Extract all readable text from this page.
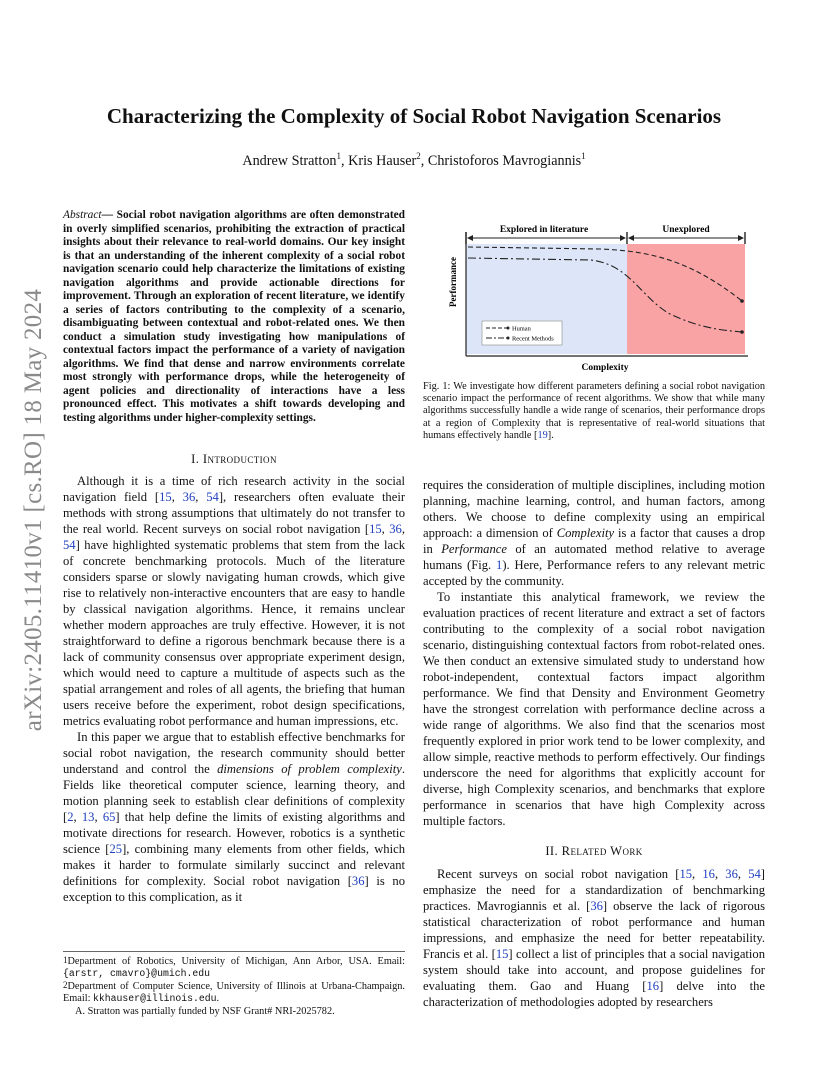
arXiv:2405.11410v1 [cs.RO] 18 May 2024
Characterizing the Complexity of Social Robot Navigation Scenarios
Andrew Stratton$^1$, Kris Hauser$^2$, Christoforos Mavrogiannis$^1$
Abstract— Social robot navigation algorithms are often demonstrated in overly simplified scenarios, prohibiting the extraction of practical insights about their relevance to real-world domains. Our key insight is that an understanding of the inherent complexity of a social robot navigation scenario could help characterize the limitations of existing navigation algorithms and provide actionable directions for improvement. Through an exploration of recent literature, we identify a series of factors contributing to the complexity of a scenario, disambiguating between contextual and robot-related ones. We then conduct a simulation study investigating how manipulations of contextual factors impact the performance of a variety of navigation algorithms. We find that dense and narrow environments correlate most strongly with performance drops, while the heterogeneity of agent policies and directionality of interactions have a less pronounced effect. This motivates a shift towards developing and testing algorithms under higher-complexity settings.
I. Introduction

Although it is a time of rich research activity in the social navigation field [15, 36, 54], researchers often evaluate their methods with strong assumptions that ultimately do not transfer to the real world. Recent surveys on social robot navigation [15, 36, 54] have highlighted systematic problems that stem from the lack of concrete benchmarking protocols. Much of the literature considers sparse or slowly navigating human crowds, which give rise to relatively non-interactive encounters that are easy to handle by classical navigation algorithms. Hence, it remains unclear whether modern approaches are truly effective. However, it is not straightforward to define a rigorous benchmark because there is a lack of community consensus over appropriate experiment design, which would need to capture a multitude of aspects such as the spatial arrangement and roles of all agents, the briefing that human users receive before the experiment, robot design specifications, metrics evaluating robot performance and human impressions, etc.

In this paper we argue that to establish effective benchmarks for social robot navigation, the research community should better understand and control the dimensions of problem complexity. Fields like theoretical computer science, learning theory, and motion planning seek to establish clear definitions of complexity [2, 13, 65] that help define the limits of existing algorithms and motivate directions for research. However, robotics is a synthetic science [25], combining many elements from other fields, which makes it harder to formulate similarly succinct and relevant definitions for complexity. Social robot navigation [36] is no exception to this complication, as it

$^1$Department of Robotics, University of Michigan, Ann Arbor, USA. Email: {arstr, cmavro}@umich.edu

$^2$Department of Computer Science, University of Illinois at Urbana-Champaign. Email: kkhauser@illinois.edu.

A. Stratton was partially funded by NSF Grant# NRI-2025782.

Explored in literature	Unexplored
Performance
Complexity
Human
Recent Methods
Fig. 1: We investigate how different parameters defining a social robot navigation scenario impact the performance of recent algorithms. We show that while many algorithms successfully handle a wide range of scenarios, their performance drops at a region of Complexity that is representative of real-world situations that humans effectively handle [19].

requires the consideration of multiple disciplines, including motion planning, machine learning, control, and human factors, among others. We choose to define complexity using an empirical approach: a dimension of Complexity is a factor that causes a drop in Performance of an automated method relative to average humans (Fig. 1). Here, Performance refers to any relevant metric accepted by the community.

To instantiate this analytical framework, we review the evaluation practices of recent literature and extract a set of factors contributing to the complexity of a social robot navigation scenario, distinguishing contextual factors from robot-related ones. We then conduct an extensive simulated study to understand how robot-independent, contextual factors impact algorithm performance. We find that Density and Environment Geometry have the strongest correlation with performance decline across a wide range of algorithms. We also find that the scenarios most frequently explored in prior work tend to be lower complexity, and allow simple, reactive methods to perform effectively. Our findings underscore the need for algorithms that explicitly account for diverse, high Complexity scenarios, and benchmarks that explore performance in scenarios that have high Complexity across multiple factors.

II. Related Work

Recent surveys on social robot navigation [15, 16, 36, 54] emphasize the need for a standardization of benchmarking practices. Mavrogiannis et al. [36] observe the lack of rigorous statistical characterization of robot performance and human impressions, and emphasize the need for better repeatability. Francis et al. [15] collect a list of principles that a social navigation system should take into account, and propose guidelines for evaluating them. Gao and Huang [16] delve into the characterization of methodologies adopted by researchers
